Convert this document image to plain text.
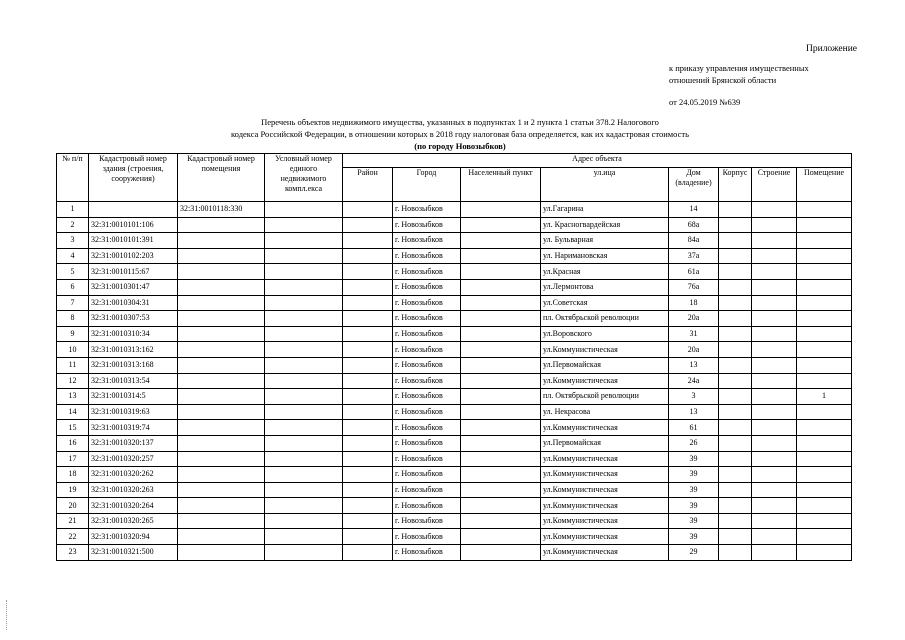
Приложение
к приказу управления имущественных
отношений Брянской области
от 24.05.2019 №639
Перечень объектов недвижимого имущества, указанных в подпунктах 1 и 2 пункта 1 статьи 378.2 Налогового
кодекса Российской Федерации, в отношении которых в 2018 году налоговая база определяется, как их кадастровая стоимость
(по городу Новозыбков)
№ п/п	Кадастровый номер здания (строения, сооружения)	Кадастровый номер помещения	Условный номер единого недвижимого компл.екса	Адрес объекта							
				Район	Город	Населенный пункт	ул.ица	Дом (владение)	Корпус	Строение	Помещение
1		32:31:0010118:330			г. Новозыбков		ул.Гагарина	14			
2	32:31:0010101:106				г. Новозыбков		ул. Красногвардейская	68а			
3	32:31:0010101:391				г. Новозыбков		ул. Бульварная	84а			
4	32:31:0010102:203				г. Новозыбков		ул. Наримановская	37а			
5	32:31:0010115:67				г. Новозыбков		ул.Красная	61а			
6	32:31:0010301:47				г. Новозыбков		ул.Лермонтова	76а			
7	32:31:0010304:31				г. Новозыбков		ул.Советская	18			
8	32:31:0010307:53				г. Новозыбков		пл. Октябрьской революции	20а			
9	32:31:0010310:34				г. Новозыбков		ул.Воровского	31			
10	32:31:0010313:162				г. Новозыбков		ул.Коммунистическая	20а			
11	32:31:0010313:168				г. Новозыбков		ул.Первомайская	13			
12	32:31:0010313:54				г. Новозыбков		ул.Коммунистическая	24а			
13	32:31:0010314:5				г. Новозыбков		пл. Октябрьской революции	3			1
14	32:31:0010319:63				г. Новозыбков		ул. Некрасова	13			
15	32:31:0010319:74				г. Новозыбков		ул.Коммунистическая	61			
16	32:31:0010320:137				г. Новозыбков		ул.Первомайская	26			
17	32:31:0010320:257				г. Новозыбков		ул.Коммунистическая	39			
18	32:31:0010320:262				г. Новозыбков		ул.Коммунистическая	39			
19	32:31:0010320:263				г. Новозыбков		ул.Коммунистическая	39			
20	32:31:0010320:264				г. Новозыбков		ул.Коммунистическая	39			
21	32:31:0010320:265				г. Новозыбков		ул.Коммунистическая	39			
22	32:31:0010320:94				г. Новозыбков		ул.Коммунистическая	39			
23	32:31:0010321:500				г. Новозыбков		ул.Коммунистическая	29			
